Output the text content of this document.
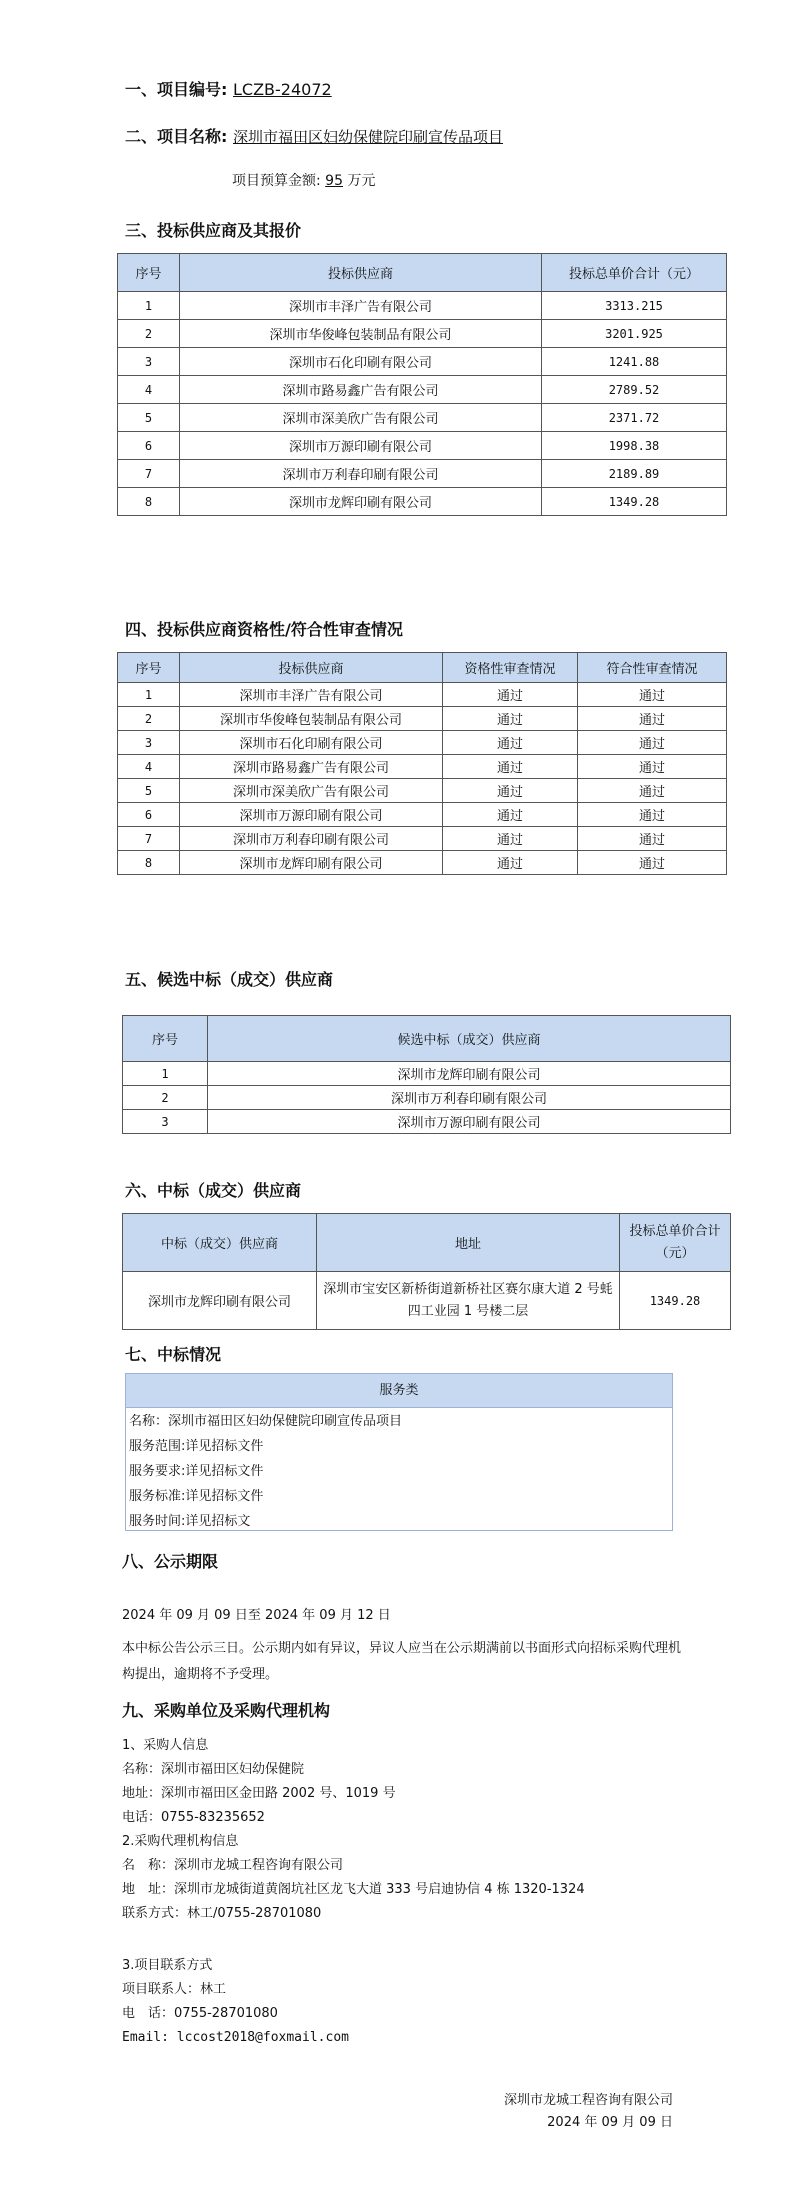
一、项目编号: LCZB-24072
二、项目名称: 深圳市福田区妇幼保健院印刷宣传品项目
项目预算金额: 95 万元
三、投标供应商及其报价
序号	投标供应商	投标总单价合计（元）
1	深圳市丰泽广告有限公司	3313.215
2	深圳市华俊峰包装制品有限公司	3201.925
3	深圳市石化印刷有限公司	1241.88
4	深圳市路易鑫广告有限公司	2789.52
5	深圳市深美欣广告有限公司	2371.72
6	深圳市万源印刷有限公司	1998.38
7	深圳市万利春印刷有限公司	2189.89
8	深圳市龙辉印刷有限公司	1349.28
四、投标供应商资格性/符合性审查情况
序号	投标供应商	资格性审查情况	符合性审查情况
1	深圳市丰泽广告有限公司	通过	通过
2	深圳市华俊峰包装制品有限公司	通过	通过
3	深圳市石化印刷有限公司	通过	通过
4	深圳市路易鑫广告有限公司	通过	通过
5	深圳市深美欣广告有限公司	通过	通过
6	深圳市万源印刷有限公司	通过	通过
7	深圳市万利春印刷有限公司	通过	通过
8	深圳市龙辉印刷有限公司	通过	通过
五、候选中标（成交）供应商
序号	候选中标（成交）供应商
1	深圳市龙辉印刷有限公司
2	深圳市万利春印刷有限公司
3	深圳市万源印刷有限公司
六、中标（成交）供应商
中标（成交）供应商	地址	投标总单价合计（元）
深圳市龙辉印刷有限公司	深圳市宝安区新桥街道新桥社区赛尔康大道 2 号蚝四工业园 1 号楼二层	1349.28
七、中标情况
服务类
名称：深圳市福田区妇幼保健院印刷宣传品项目
服务范围:详见招标文件
服务要求:详见招标文件
服务标准:详见招标文件
服务时间:详见招标文
八、公示期限
2024 年 09 月 09 日至 2024 年 09 月 12 日
本中标公告公示三日。公示期内如有异议，异议人应当在公示期满前以书面形式向招标采购代理机构提出，逾期将不予受理。
九、采购单位及采购代理机构
1、采购人信息
名称：深圳市福田区妇幼保健院
地址：深圳市福田区金田路 2002 号、1019 号
电话：0755-83235652
2.采购代理机构信息
名　称：深圳市龙城工程咨询有限公司
地　址：深圳市龙城街道黄阁坑社区龙飞大道 333 号启迪协信 4 栋 1320-1324
联系方式：林工/0755-28701080
3.项目联系方式
项目联系人：林工
电　话：0755-28701080
Email: lccost2018@foxmail.com
深圳市龙城工程咨询有限公司
2024 年 09 月 09 日
